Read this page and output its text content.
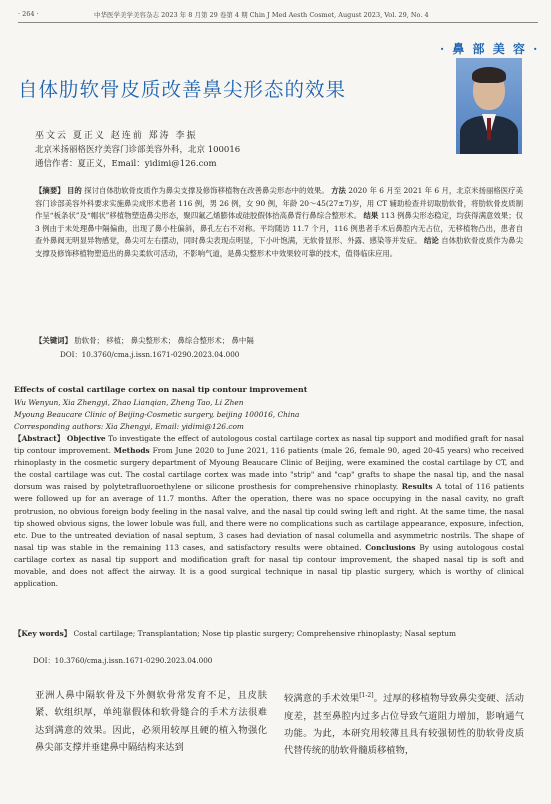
· 264 ·	中华医学美学美容杂志 2023 年 8 月第 29 卷第 4 期 Chin J Med Aesth Cosmet, August 2023, Vol. 29, No. 4
· 鼻 部 美 容 ·
自体肋软骨皮质改善鼻尖形态的效果
巫文云 夏正义 赵连前 郑涛 李振
北京米扬丽格医疗美容门诊部美容外科，北京 100016
通信作者：夏正义，Email：yidimi@126.com
【摘要】 目的 探讨自体肋软骨皮质作为鼻尖支撑及修饰移植物在改善鼻尖形态中的效果。 方法 2020 年 6 月至 2021 年 6 月，北京米扬丽格医疗美容门诊部美容外科要求实施鼻尖成形术患者 116 例，男 26 例，女 90 例，年龄 20～45(27±7)岁，用 CT 辅助检查并切取肋软骨，将肋软骨皮质制作呈“板条状”及“帽状”移植物塑造鼻尖形态，聚四氟乙烯膨体或硅胶假体抬高鼻背行鼻综合整形术。 结果 113 例鼻尖形态稳定，均获得满意效果；仅 3 例由于未处理鼻中隔偏曲，出现了鼻小柱偏斜，鼻孔左右不对称。平均随访 11.7 个月，116 例患者手术后鼻腔内无占位，无移植物凸出，患者自查外鼻阀无明显异物感觉，鼻尖可左右摆动，同时鼻尖表现点明显，下小叶饱满，无软骨显形、外露、感染等并发症。 结论 自体肋软骨皮质作为鼻尖支撑及修饰移植物塑造出的鼻尖柔软可活动，不影响气道，是鼻尖整形术中效果较可靠的技术，值得临床应用。
【关键词】 肋软骨； 移植； 鼻尖整形术； 鼻综合整形术； 鼻中隔
DOI：10.3760/cma.j.issn.1671-0290.2023.04.000
Effects of costal cartilage cortex on nasal tip contour improvement
Wu Wenyun, Xia Zhengyi, Zhao Lianqian, Zheng Tao, Li Zhen
Myoung Beaucare Clinic of Beijing-Cosmetic surgery, beijing 100016, China
Corresponding authors: Xia Zhengyi, Email: yidimi@126.com
【Abstract】 Objective To investigate the effect of autologous costal cartilage cortex as nasal tip support and modified graft for nasal tip contour improvement. Methods From June 2020 to June 2021, 116 patients (male 26, female 90, aged 20-45 years) who received rhinoplasty in the cosmetic surgery department of Myoung Beaucare Clinic of Beijing, were examined the costal cartilage by CT, and the costal cartilage was cut. The costal cartilage cortex was made into "strip" and "cap" grafts to shape the nasal tip, and the nasal dorsum was raised by polytetrafluoroethylene or silicone prosthesis for comprehensive rhinoplasty. Results A total of 116 patients were followed up for an average of 11.7 months. After the operation, there was no space occupying in the nasal cavity, no graft protrusion, no obvious foreign body feeling in the nasal valve, and the nasal tip could swing left and right. At the same time, the nasal tip showed obvious signs, the lower lobule was full, and there were no complications such as cartilage appearance, exposure, infection, etc. Due to the untreated deviation of nasal septum, 3 cases had deviation of nasal columella and asymmetric nostrils. The shape of nasal tip was stable in the remaining 113 cases, and satisfactory results were obtained. Conclusions By using autologous costal cartilage cortex as nasal tip support and modification graft for nasal tip contour improvement, the shaped nasal tip is soft and movable, and does not affect the airway. It is a good surgical technique in nasal tip plastic surgery, which is worthy of clinical application.
【Key words】 Costal cartilage; Transplantation; Nose tip plastic surgery; Comprehensive rhinoplasty; Nasal septum
DOI：10.3760/cma.j.issn.1671-0290.2023.04.000
亚洲人鼻中隔软骨及下外侧软骨常发育不足，且皮肤紧、软组织厚，单纯靠假体和软骨缝合的手术方法很难达到满意的效果。因此，必须用较厚且硬的植入物强化鼻尖部支撑并垂建鼻中隔结构来达到
较满意的手术效果[1-2]。过厚的移植物导致鼻尖变硬、活动度差，甚至鼻腔内过多占位导致气道阻力增加，影响通气功能。为此，本研究用较薄且具有较强韧性的肋软骨皮质代替传统的肋软骨髓质移植物，
